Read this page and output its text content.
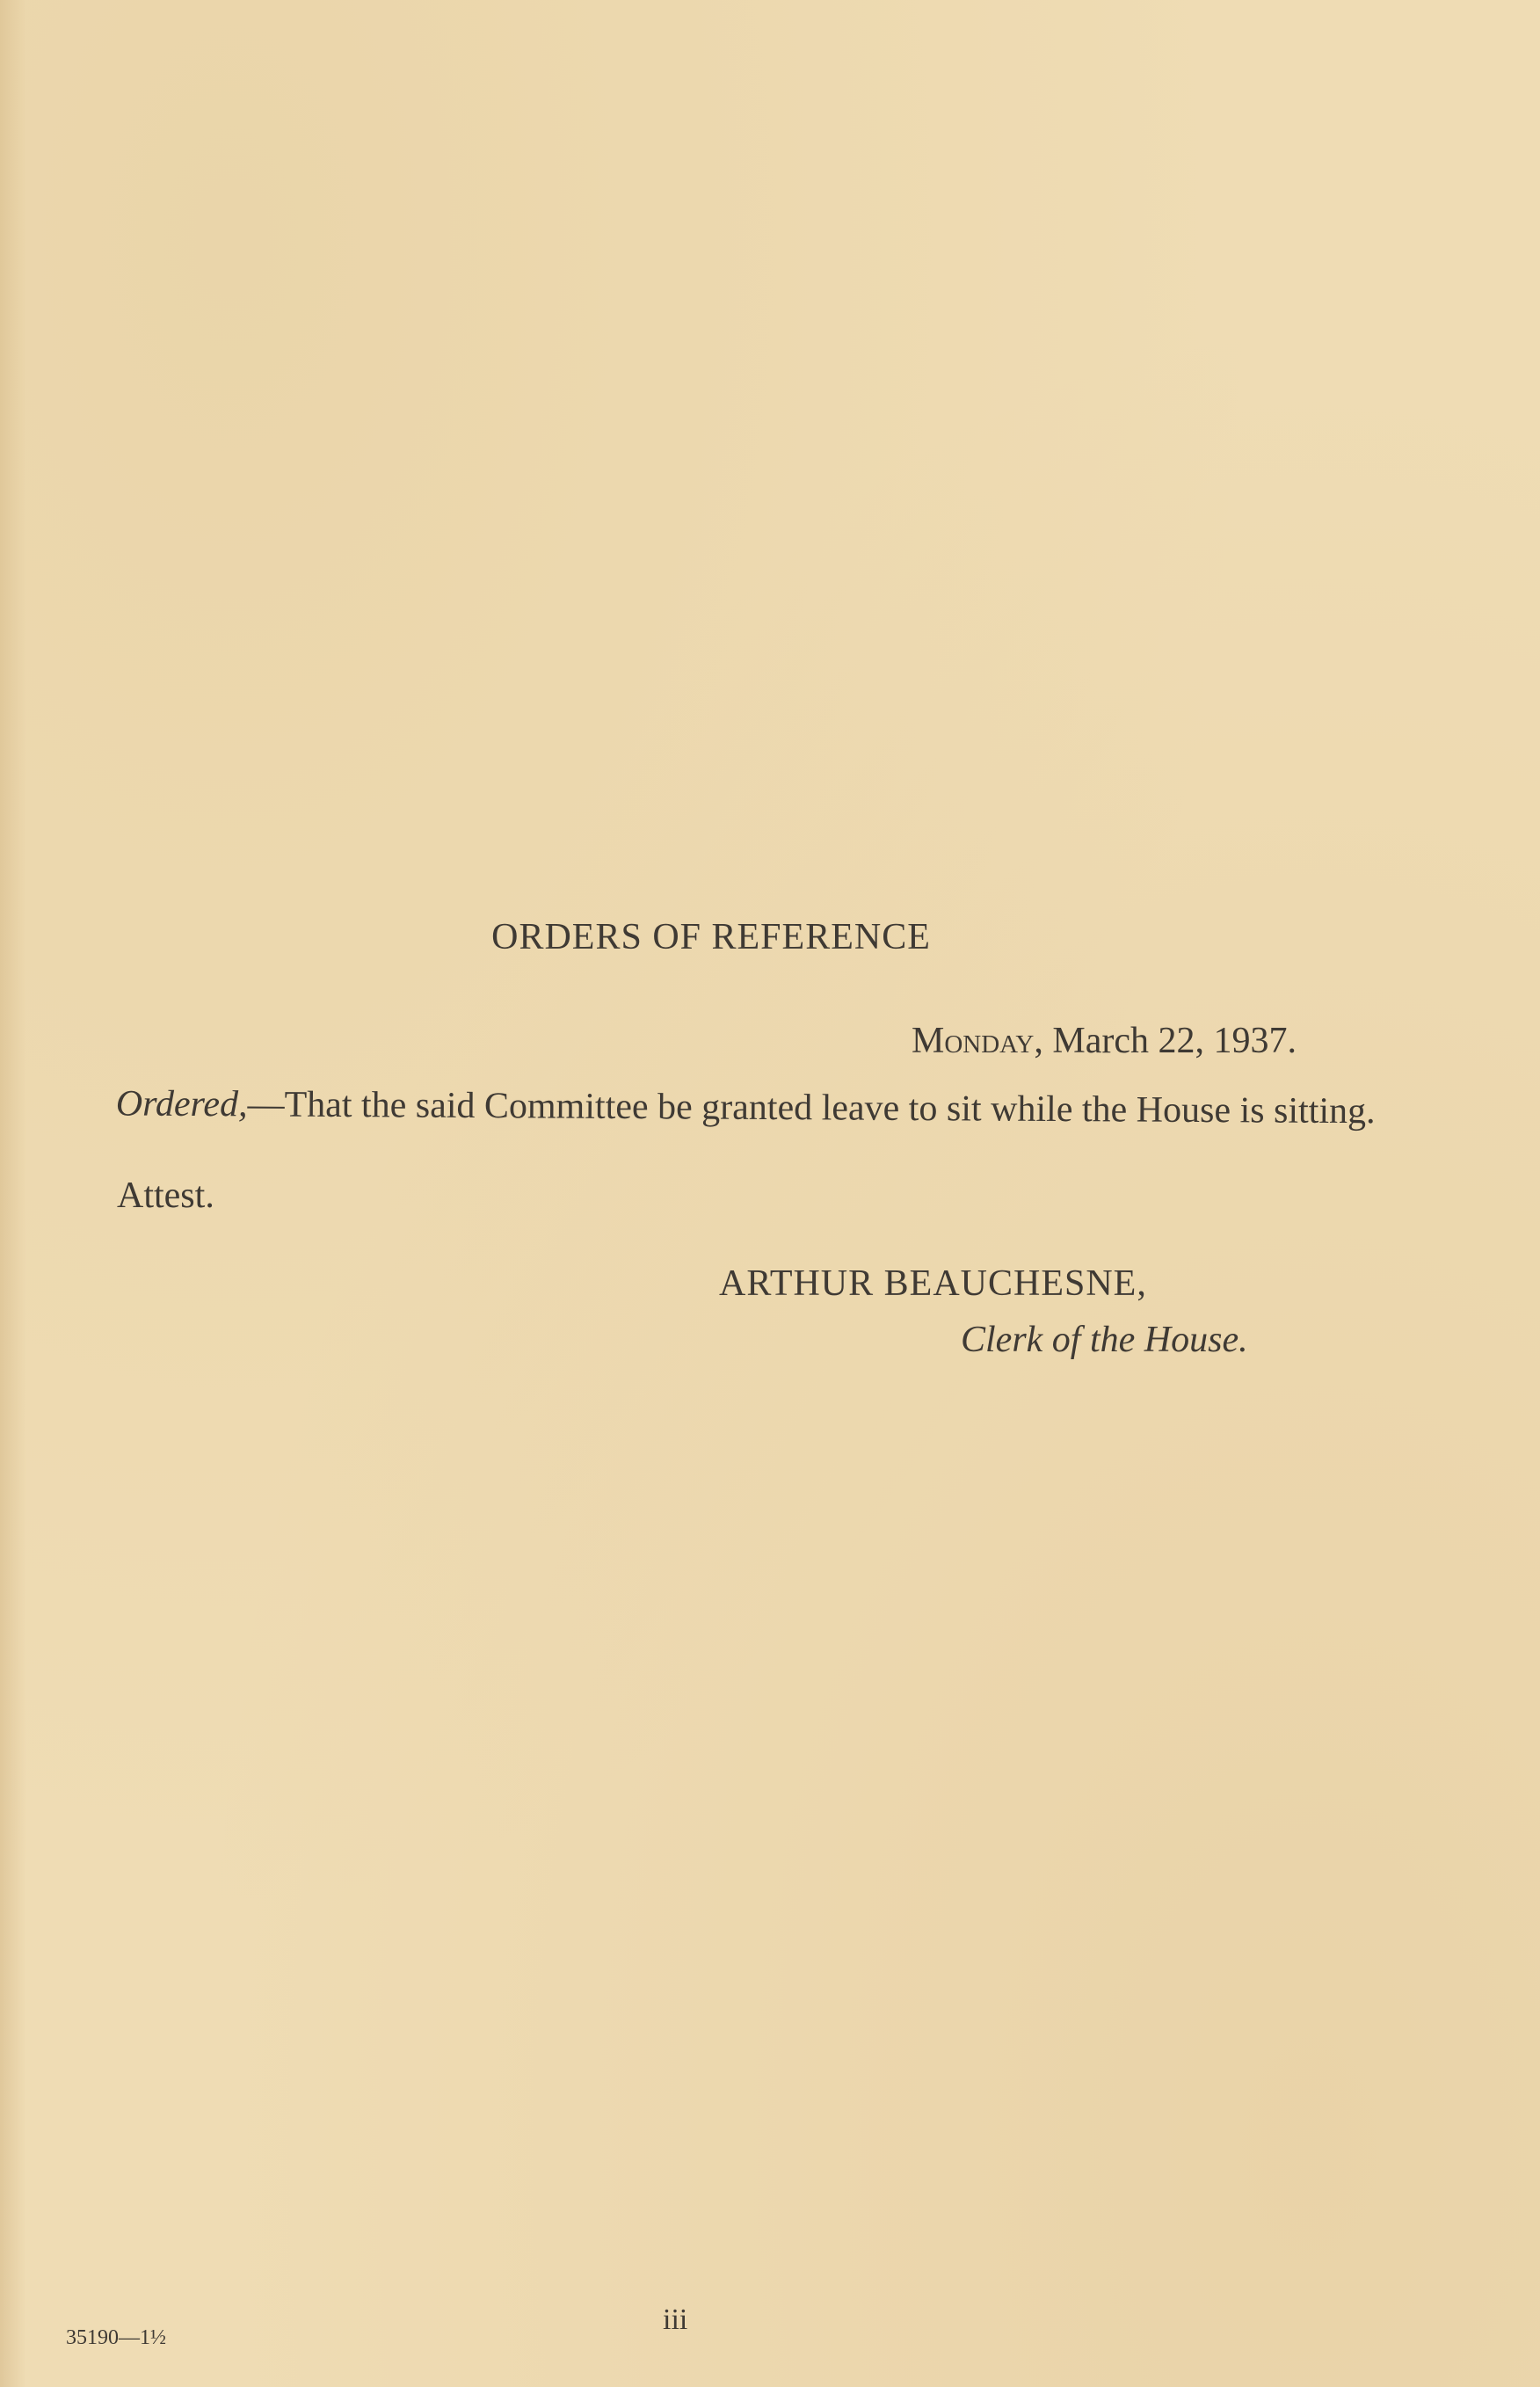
ORDERS OF REFERENCE
Monday, March 22, 1937.

Ordered,—That the said Committee be granted leave to sit while the House is sitting.

Attest.
ARTHUR BEAUCHESNE,
Clerk of the House.
35190—1½
iii
